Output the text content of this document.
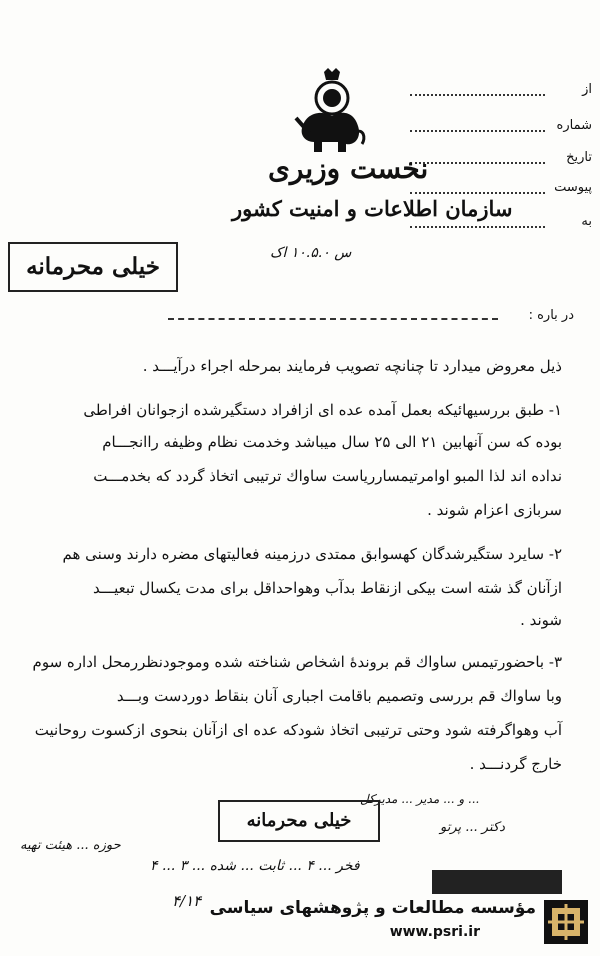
از
شماره
تاریخ
پیوست
به
نخست وزیری
سازمان اطلاعات و امنیت کشور
س ۱۰.۵.۰ اک
خیلی محرمانه
در باره :
ذیل معروض میدارد تا چنانچه تصویب فرمایند بمرحله اجراء درآیـــد .
۱- طبق بررسیهائیکه بعمل آمده عده ای ازافراد دستگیرشده ازجوانان افراطی
بوده که سن آنهابین ۲۱ الی ۲۵ سال میباشد وخدمت نظام وظیفه راانجـــام
نداده اند لذا المبو اوامرتیمساررياست ساواك ترتیبی اتخاذ گردد که بخدمـــت
سربازی اعزام شوند .
۲- سایرد ستگیرشدگان کهسوابق ممتدی درزمینه فعالیتهای مضره دارند وسنی هم
ازآنان گذ شته است بیکی ازنقاط بدآب وهواحداقل برای مدت یکسال تبعیـــد
شوند .
۳- باحضورتیمس ساواك قم بروندهٔ اشخاص شناخته شده وموجودنظررمحل اداره سوم
وبا ساواك قم بررسی وتصمیم باقامت اجباری آنان بنقاط دوردست وبـــد
آب وهواگرفته شود وحتی ترتیبی اتخاذ شودکه عده ای ازآنان بنحوی ازکسوت روحانیت
خارج گردنـــد .
... و ... مدیر ... مدیرکل
خیلی محرمانه	دکتر ... پرتو
حوزه ... هیئت تهیه
فخر ... ۴ ... ثابت ... شده ... ۳ ... ۴
۴/۱۴ مؤسسه مطالعات و پژوهشهای سیاسی
www.psri.ir
